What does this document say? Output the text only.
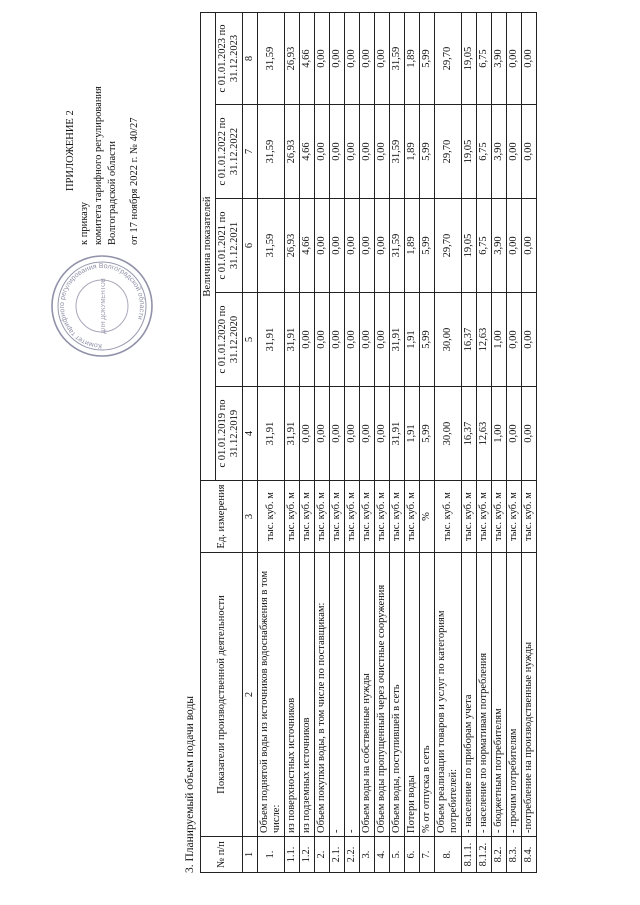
Комитет тарифного регулирования Волгоградской области
ДЛЯ ДОКУМЕНТОВ
ПРИЛОЖЕНИЕ 2
к приказу комитета тарифного регулирования Волгоградской области от 17 ноября 2022 г. № 40/27
3. Планируемый объем подачи воды № п/п	Показатели производственной деятельности	Ед. измерения	Величина показателей				
			с 01.01.2019 по 31.12.2019	с 01.01.2020 по 31.12.2020	с 01.01.2021 по 31.12.2021	с 01.01.2022 по 31.12.2022	с 01.01.2023 по 31.12.2023
1	2	3	4	5	6	7	8
1.	Объем поднятой воды из источников водоснабжения в том числе:	тыс. куб. м	31,91	31,91	31,59	31,59	31,59
1.1.	из поверхностных источников	тыс. куб. м	31,91	31,91	26,93	26,93	26,93
1.2.	из подземных источников	тыс. куб. м	0,00	0,00	4,66	4,66	4,66
2.	Объем покупки воды, в том числе по поставщикам:	тыс. куб. м	0,00	0,00	0,00	0,00	0,00
2.1.	-	тыс. куб. м	0,00	0,00	0,00	0,00	0,00
2.2.	-	тыс. куб. м	0,00	0,00	0,00	0,00	0,00
3.	Объем воды на собственные нужды	тыс. куб. м	0,00	0,00	0,00	0,00	0,00
4.	Объем воды пропущенный через очистные сооружения	тыс. куб. м	0,00	0,00	0,00	0,00	0,00
5.	Объем воды, поступившей в сеть	тыс. куб. м	31,91	31,91	31,59	31,59	31,59
6.	Потери воды	тыс. куб. м	1,91	1,91	1,89	1,89	1,89
7.	% от отпуска в сеть	%	5,99	5,99	5,99	5,99	5,99
8.	Объем реализации товаров и услуг по категориям потребителей:	тыс. куб. м	30,00	30,00	29,70	29,70	29,70
8.1.1.	- население по приборам учета	тыс. куб. м	16,37	16,37	19,05	19,05	19,05
8.1.2.	- население по нормативам потребления	тыс. куб. м	12,63	12,63	6,75	6,75	6,75
8.2.	- бюджетным потребителям	тыс. куб. м	1,00	1,00	3,90	3,90	3,90
8.3.	- прочим потребителям	тыс. куб. м	0,00	0,00	0,00	0,00	0,00
8.4.	-потребление на производственные нужды	тыс. куб. м	0,00	0,00	0,00	0,00	0,00
